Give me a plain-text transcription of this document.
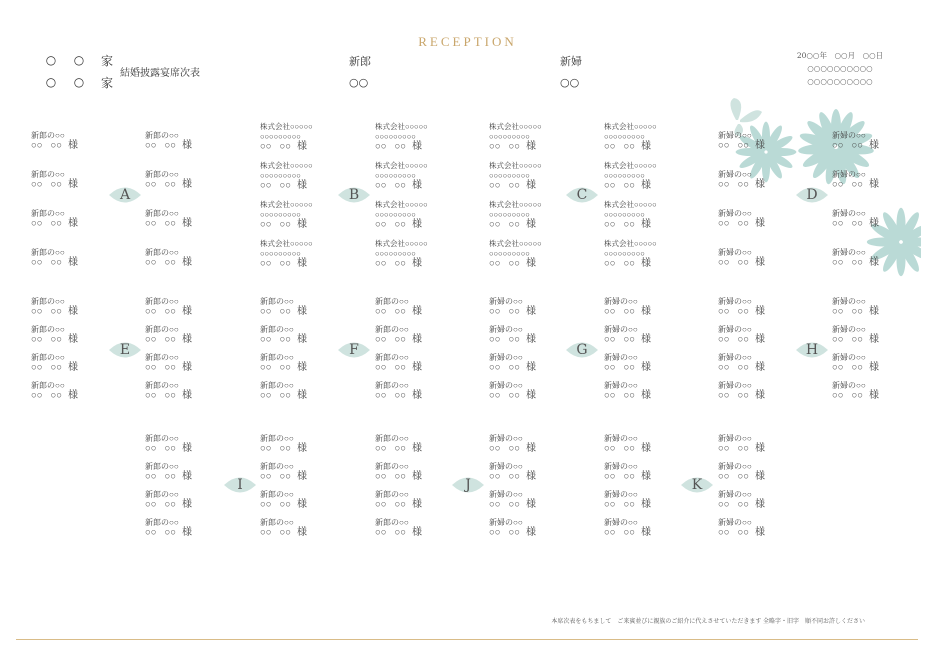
RECEPTION
○ ○ 家
○ ○ 家
結婚披露宴席次表
新郎
○○
新婦
○○
20○○年　○○月　○○日
○○○○○○○○○○
○○○○○○○○○○
新郎の○○
○○ ○○ 様
新郎の○○
○○ ○○ 様
新郎の○○
○○ ○○ 様
新郎の○○
○○ ○○ 様
新郎の○○
○○ ○○ 様
新郎の○○
○○ ○○ 様
新郎の○○
○○ ○○ 様
新郎の○○
○○ ○○ 様
A
株式会社○○○○○
○○○○○○○○○
○○ ○○ 様
株式会社○○○○○
○○○○○○○○○
○○ ○○ 様
株式会社○○○○○
○○○○○○○○○
○○ ○○ 様
株式会社○○○○○
○○○○○○○○○
○○ ○○ 様
株式会社○○○○○
○○○○○○○○○
○○ ○○ 様
株式会社○○○○○
○○○○○○○○○
○○ ○○ 様
株式会社○○○○○
○○○○○○○○○
○○ ○○ 様
株式会社○○○○○
○○○○○○○○○
○○ ○○ 様
B
株式会社○○○○○
○○○○○○○○○
○○ ○○ 様
株式会社○○○○○
○○○○○○○○○
○○ ○○ 様
株式会社○○○○○
○○○○○○○○○
○○ ○○ 様
株式会社○○○○○
○○○○○○○○○
○○ ○○ 様
株式会社○○○○○
○○○○○○○○○
○○ ○○ 様
株式会社○○○○○
○○○○○○○○○
○○ ○○ 様
株式会社○○○○○
○○○○○○○○○
○○ ○○ 様
株式会社○○○○○
○○○○○○○○○
○○ ○○ 様
C
新婦の○○
○○ ○○ 様
新婦の○○
○○ ○○ 様
新婦の○○
○○ ○○ 様
新婦の○○
○○ ○○ 様
新婦の○○
○○ ○○ 様
新婦の○○
○○ ○○ 様
新婦の○○
○○ ○○ 様
新婦の○○
○○ ○○ 様
D
新郎の○○
○○ ○○ 様
新郎の○○
○○ ○○ 様
新郎の○○
○○ ○○ 様
新郎の○○
○○ ○○ 様
新郎の○○
○○ ○○ 様
新郎の○○
○○ ○○ 様
新郎の○○
○○ ○○ 様
新郎の○○
○○ ○○ 様
E
新郎の○○
○○ ○○ 様
新郎の○○
○○ ○○ 様
新郎の○○
○○ ○○ 様
新郎の○○
○○ ○○ 様
新郎の○○
○○ ○○ 様
新郎の○○
○○ ○○ 様
新郎の○○
○○ ○○ 様
新郎の○○
○○ ○○ 様
F
新婦の○○
○○ ○○ 様
新婦の○○
○○ ○○ 様
新婦の○○
○○ ○○ 様
新婦の○○
○○ ○○ 様
新婦の○○
○○ ○○ 様
新婦の○○
○○ ○○ 様
新婦の○○
○○ ○○ 様
新婦の○○
○○ ○○ 様
G
新婦の○○
○○ ○○ 様
新婦の○○
○○ ○○ 様
新婦の○○
○○ ○○ 様
新婦の○○
○○ ○○ 様
新婦の○○
○○ ○○ 様
新婦の○○
○○ ○○ 様
新婦の○○
○○ ○○ 様
新婦の○○
○○ ○○ 様
H
新郎の○○
○○ ○○ 様
新郎の○○
○○ ○○ 様
新郎の○○
○○ ○○ 様
新郎の○○
○○ ○○ 様
新郎の○○
○○ ○○ 様
新郎の○○
○○ ○○ 様
新郎の○○
○○ ○○ 様
新郎の○○
○○ ○○ 様
I
新郎の○○
○○ ○○ 様
新郎の○○
○○ ○○ 様
新郎の○○
○○ ○○ 様
新郎の○○
○○ ○○ 様
新婦の○○
○○ ○○ 様
新婦の○○
○○ ○○ 様
新婦の○○
○○ ○○ 様
新婦の○○
○○ ○○ 様
J
新婦の○○
○○ ○○ 様
新婦の○○
○○ ○○ 様
新婦の○○
○○ ○○ 様
新婦の○○
○○ ○○ 様
新婦の○○
○○ ○○ 様
新婦の○○
○○ ○○ 様
新婦の○○
○○ ○○ 様
新婦の○○
○○ ○○ 様
K
本席次表をもちまして　ご来賓並びに親族のご紹介に代えさせていただきます 全略字・旧字　順不同お許しください
